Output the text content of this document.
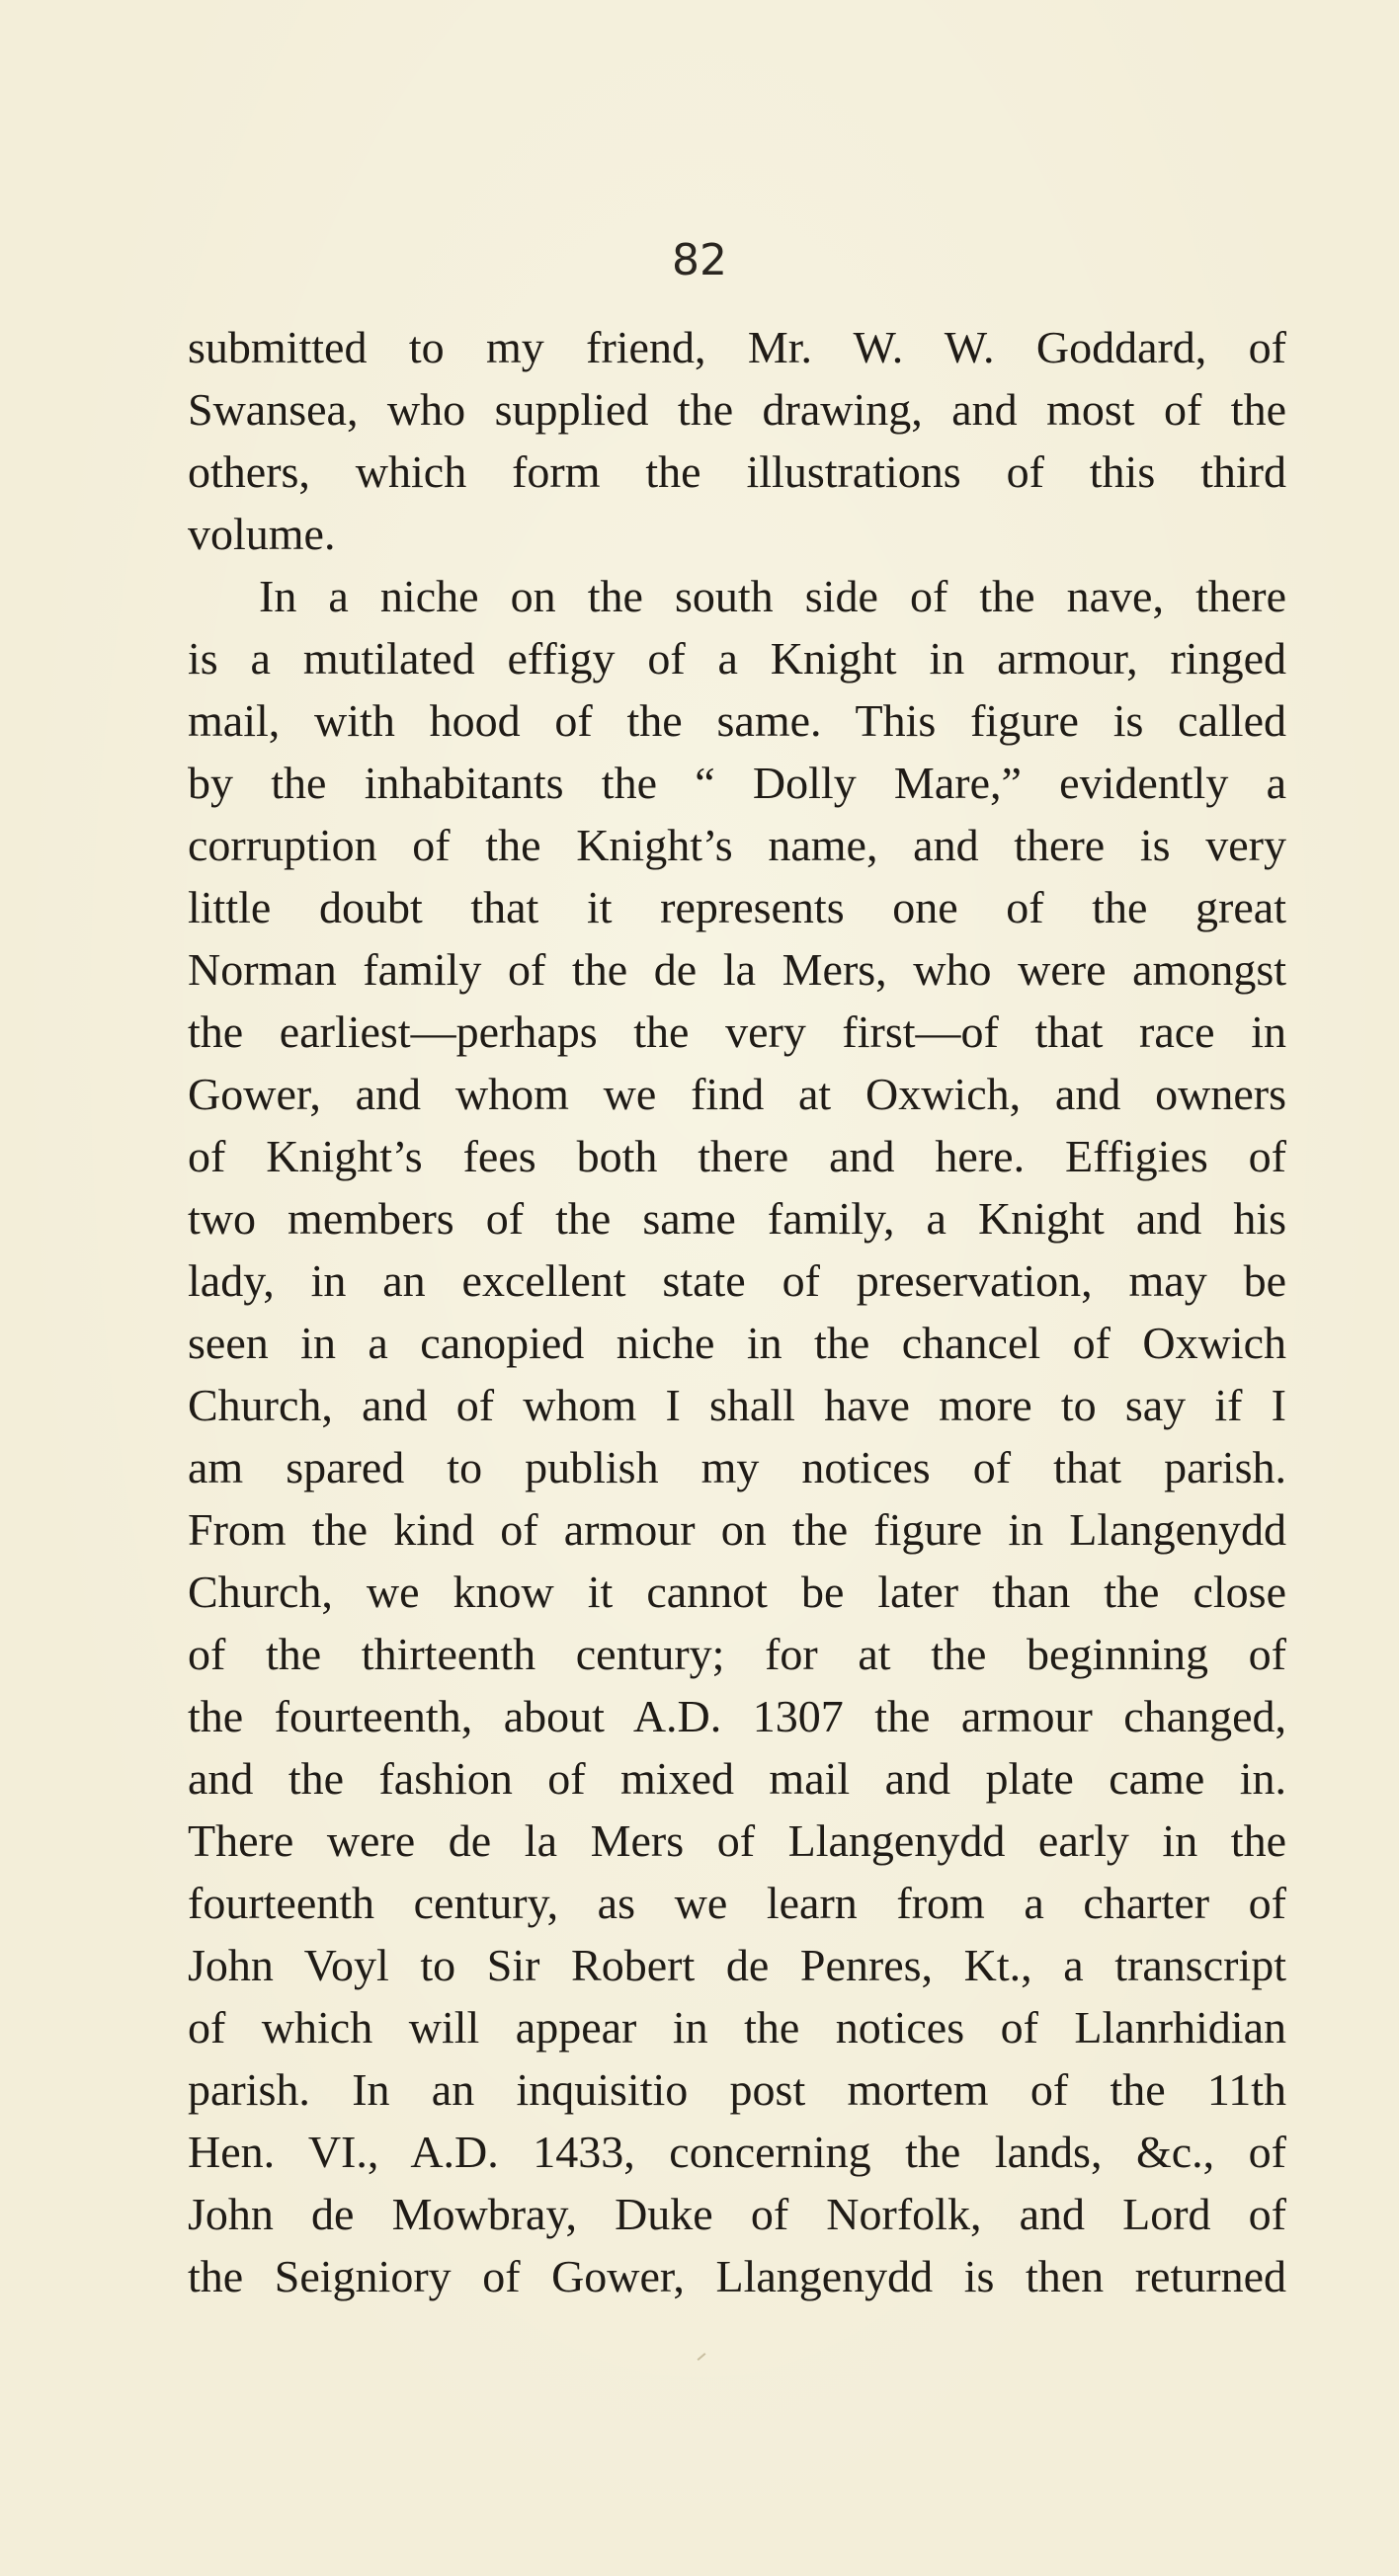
82
submitted to my friend, Mr. W. W. Goddard, of
Swansea, who supplied the drawing, and most of the
others, which form the illustrations of this third
volume.
In a niche on the south side of the nave, there
is a mutilated effigy of a Knight in armour, ringed
mail, with hood of the same. This figure is called
by the inhabitants the “ Dolly Mare,” evidently a
corruption of the Knight’s name, and there is very
little doubt that it represents one of the great
Norman family of the de la Mers, who were amongst
the earliest—perhaps the very first—of that race in
Gower, and whom we find at Oxwich, and owners
of Knight’s fees both there and here. Effigies of
two members of the same family, a Knight and his
lady, in an excellent state of preservation, may be
seen in a canopied niche in the chancel of Oxwich
Church, and of whom I shall have more to say if I
am spared to publish my notices of that parish.
From the kind of armour on the figure in Llangenydd
Church, we know it cannot be later than the close
of the thirteenth century; for at the beginning of
the fourteenth, about A.D. 1307 the armour changed,
and the fashion of mixed mail and plate came in.
There were de la Mers of Llangenydd early in the
fourteenth century, as we learn from a charter of
John Voyl to Sir Robert de Penres, Kt., a transcript
of which will appear in the notices of Llanrhidian
parish. In an inquisitio post mortem of the 11th
Hen. VI., A.D. 1433, concerning the lands, &c., of
John de Mowbray, Duke of Norfolk, and Lord of
the Seigniory of Gower, Llangenydd is then returned
